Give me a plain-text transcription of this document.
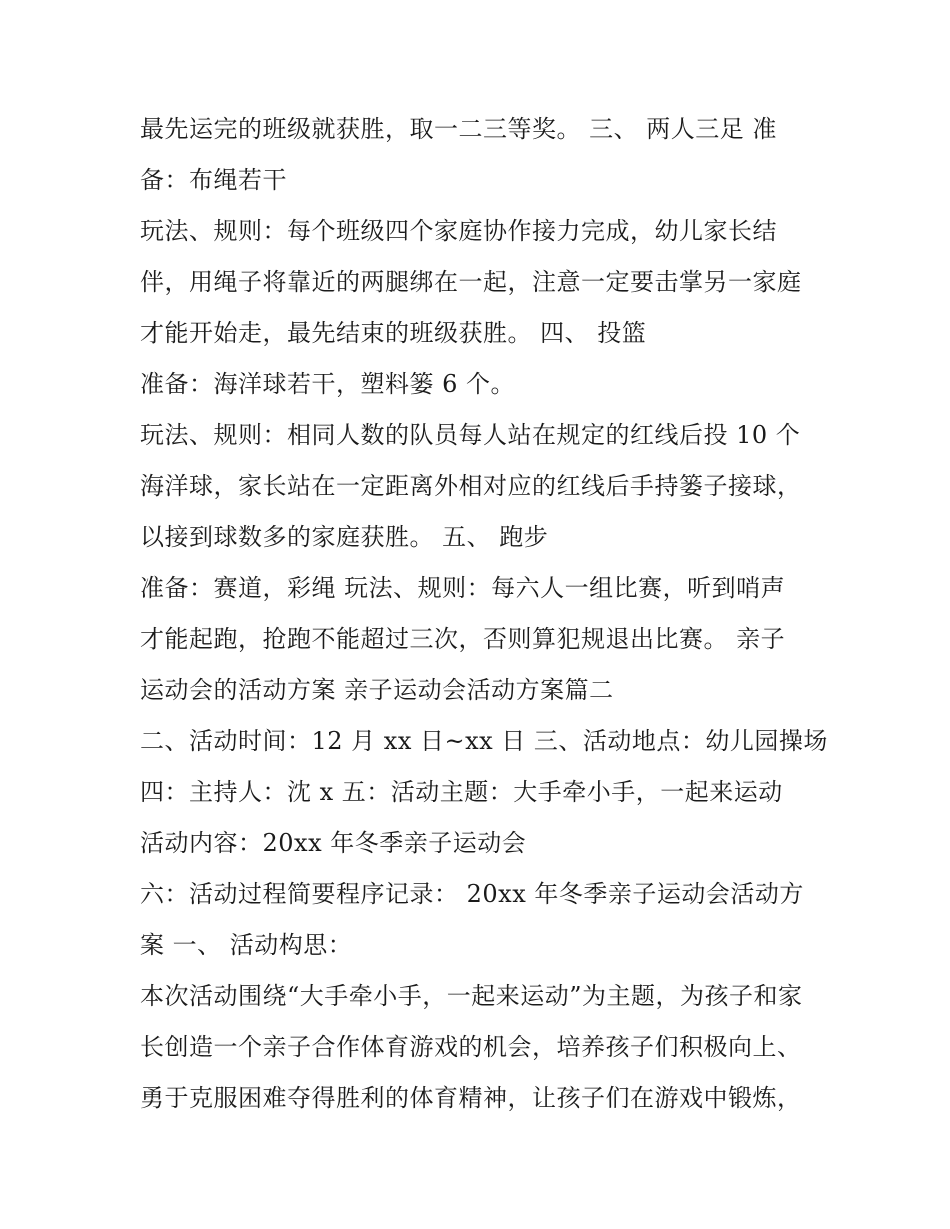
最先运完的班级就获胜，取一二三等奖。 三、 两人三足 准
备：布绳若干
玩法、规则：每个班级四个家庭协作接力完成，幼儿家长结
伴，用绳子将靠近的两腿绑在一起，注意一定要击掌另一家庭
才能开始走，最先结束的班级获胜。 四、 投篮
准备：海洋球若干，塑料篓 6 个。
玩法、规则：相同人数的队员每人站在规定的红线后投 10 个
海洋球，家长站在一定距离外相对应的红线后手持篓子接球，
以接到球数多的家庭获胜。 五、 跑步
准备：赛道，彩绳 玩法、规则：每六人一组比赛，听到哨声
才能起跑，抢跑不能超过三次，否则算犯规退出比赛。 亲子
运动会的活动方案 亲子运动会活动方案篇二
二、活动时间：12 月 xx 日~xx 日 三、活动地点：幼儿园操场
四：主持人：沈 x 五：活动主题：大手牵小手，一起来运动
活动内容：20xx 年冬季亲子运动会
六：活动过程简要程序记录： 20xx 年冬季亲子运动会活动方
案 一、 活动构思：
本次活动围绕“大手牵小手，一起来运动”为主题，为孩子和家
长创造一个亲子合作体育游戏的机会，培养孩子们积极向上、
勇于克服困难夺得胜利的体育精神，让孩子们在游戏中锻炼，
